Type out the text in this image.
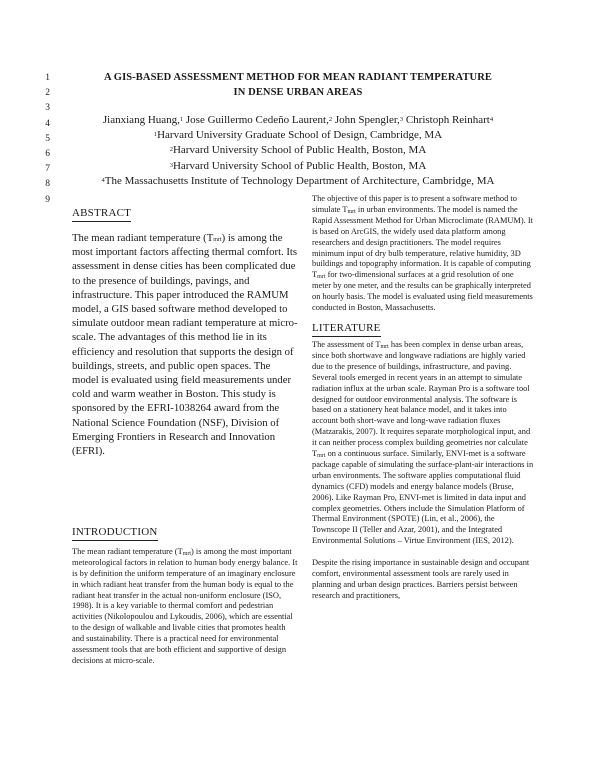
1
2
3
4
5
6
7
8
9
A GIS-BASED ASSESSMENT METHOD FOR MEAN RADIANT TEMPERATURE
IN DENSE URBAN AREAS
Jianxiang Huang,$^1$ Jose Guillermo Cedeño Laurent,$^2$ John Spengler,$^3$ Christoph Reinhart$^4$
$^1$Harvard University Graduate School of Design, Cambridge, MA
$^2$Harvard University School of Public Health, Boston, MA
$^3$Harvard University School of Public Health, Boston, MA
$^4$The Massachusetts Institute of Technology Department of Architecture, Cambridge, MA
ABSTRACT

The mean radiant temperature $(T_{mrt})$ is among the most important factors affecting thermal comfort. Its assessment in dense cities has been complicated due to the presence of buildings, pavings, and infrastructure. This paper introduced the RAMUM model, a GIS based software method developed to simulate outdoor mean radiant temperature at micro-scale. The advantages of this method lie in its efficiency and resolution that supports the design of buildings, streets, and public open spaces. The model is evaluated using field measurements under cold and warm weather in Boston. This study is sponsored by the EFRI-1038264 award from the National Science Foundation (NSF), Division of Emerging Frontiers in Research and Innovation (EFRI).

INTRODUCTION

The mean radiant temperature $(T_{mrt})$ is among the most important meteorological factors in relation to human body energy balance. It is by definition the uniform temperature of an imaginary enclosure in which radiant heat transfer from the human body is equal to the radiant heat transfer in the actual non-uniform enclosure (ISO, 1998). It is a key variable to thermal comfort and pedestrian activities (Nikolopoulou and Lykoudis, 2006), which are essential to the design of walkable and livable cities that promotes health and sustainability. There is a practical need for environmental assessment tools that are both efficient and supportive of design decisions at micro-scale.

The objective of this paper is to present a software method to simulate $T_{mrt}$ in urban environments. The model is named the Rapid Assessment Method for Urban Microclimate (RAMUM). It is based on ArcGIS, the widely used data platform among researchers and design practitioners. The model requires minimum input of dry bulb temperature, relative humidity, 3D buildings and topography information. It is capable of computing $T_{mrt}$ for two-dimensional surfaces at a grid resolution of one meter by one meter, and the results can be graphically interpreted on hourly basis. The model is evaluated using field measurements conducted in Boston, Massachusetts.

LITERATURE

The assessment of $T_{mrt}$ has been complex in dense urban areas, since both shortwave and longwave radiations are highly varied due to the presence of buildings, infrastructure, and paving. Several tools emerged in recent years in an attempt to simulate radiation influx at the urban scale. Rayman Pro is a software tool designed for outdoor environmental analysis. The software is based on a stationery heat balance model, and it takes into account both short-wave and long-wave radiation fluxes (Matzarakis, 2007). It requires separate morphological input, and it can neither process complex building geometries nor calculate $T_{mrt}$ on a continuous surface. Similarly, ENVI-met is a software package capable of simulating the surface-plant-air interactions in urban environments. The software applies computational fluid dynamics (CFD) models and energy balance models (Bruse, 2006). Like Rayman Pro, ENVI-met is limited in data input and complex geometries. Others include the Simulation Platform of Thermal Environment (SPOTE) (Lin, et al., 2006), the Townscope II (Teller and Azar, 2001), and the Integrated Environmental Solutions – Virtue Environment (IES, 2012).

Despite the rising importance in sustainable design and occupant comfort, environmental assessment tools are rarely used in planning and urban design practices. Barriers persist between research and practitioners,
